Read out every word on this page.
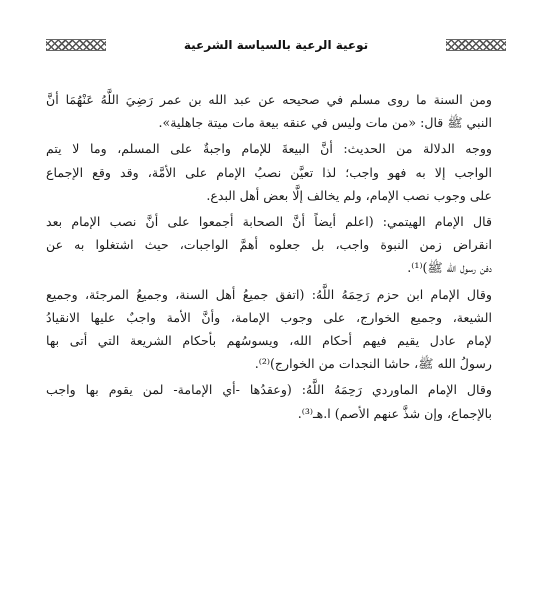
توعية الرعية بالسياسة الشرعية

ومن السنة ما روى مسلم في صحيحه عن عبد الله بن عمر رَضِيَ اللَّهُ عَنْهُمَا أنَّ
النبي ﷺ قال: «من مات وليس في عنقه بيعة مات ميتة جاهلية».

ووجه الدلالة من الحديث: أنَّ البيعةَ للإمام واجبةٌ على المسلم، وما لا يتم
الواجب إلا به فهو واجب؛ لذا تعيَّن نصبُ الإمام على الأمَّة، وقد وقع الإجماع
على وجوب نصب الإمام، ولم يخالف إلَّا بعض أهل البدع.

قال الإمام الهيتمي: (اعلم أيضاً أنَّ الصحابة أجمعوا على أنَّ نصب الإمام بعد
انقراض زمن النبوة واجب، بل جعلوه أهمَّ الواجبات، حيث اشتغلوا به عن
دفن رسول الله ﷺ)⁽¹⁾.

وقال الإمام ابن حزم رَحِمَهُ اللَّهُ: (اتفق جميعُ أهل السنة، وجميعُ المرجئة، وجميع
الشيعة، وجميع الخوارج، على وجوب الإمامة، وأنَّ الأمة واجبٌ عليها الانقيادُ
لإمام عادل يقيم فيهم أحكام الله، ويسوسُهم بأحكام الشريعة التي أتى بها
رسولُ الله ﷺ، حاشا النجدات من الخوارج)⁽²⁾.

وقال الإمام الماوردي رَحِمَهُ اللَّهُ: (وعقدُها -أي الإمامة- لمن يقوم بها واجب
بالإجماع، وإن شذَّ عنهم الأصم) ا.هـ⁽³⁾.
